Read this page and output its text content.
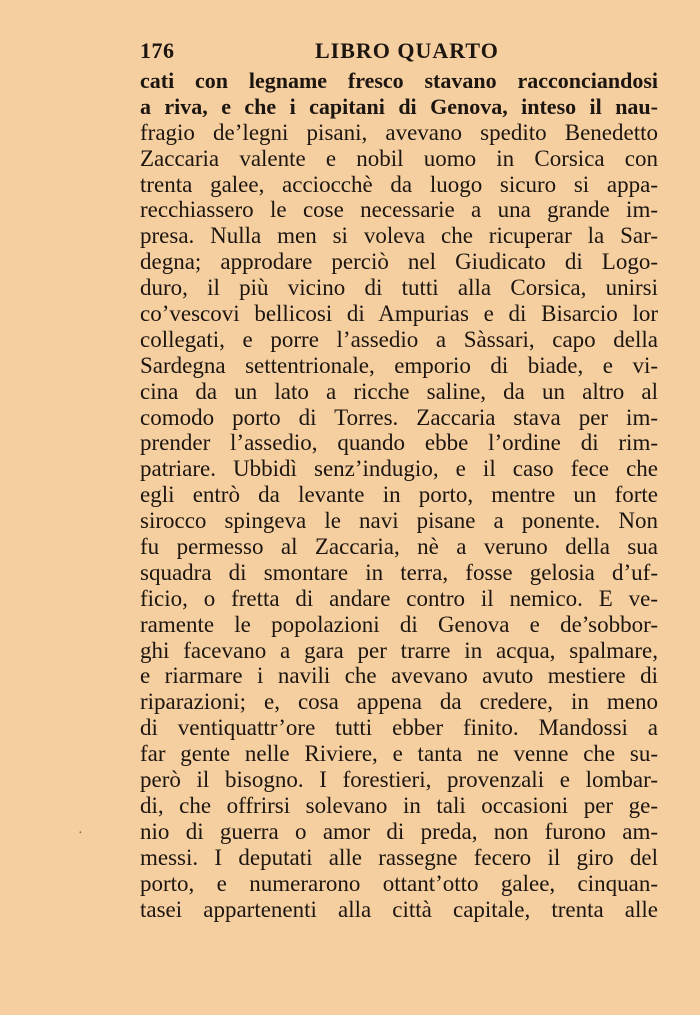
176	LIBRO QUARTO
cati con legname fresco stavano racconciandosi
a riva, e che i capitani di Genova, inteso il nau-
fragio de’legni pisani, avevano spedito Benedetto
Zaccaria valente e nobil uomo in Corsica con
trenta galee, acciocchè da luogo sicuro si appa-
recchiassero le cose necessarie a una grande im-
presa. Nulla men si voleva che ricuperar la Sar-
degna; approdare perciò nel Giudicato di Logo-
duro, il più vicino di tutti alla Corsica, unirsi
co’vescovi bellicosi di Ampurias e di Bisarcio lor
collegati, e porre l’assedio a Sàssari, capo della
Sardegna settentrionale, emporio di biade, e vi-
cina da un lato a ricche saline, da un altro al
comodo porto di Torres. Zaccaria stava per im-
prender l’assedio, quando ebbe l’ordine di rim-
patriare. Ubbidì senz’indugio, e il caso fece che
egli entrò da levante in porto, mentre un forte
sirocco spingeva le navi pisane a ponente. Non
fu permesso al Zaccaria, nè a veruno della sua
squadra di smontare in terra, fosse gelosia d’uf-
ficio, o fretta di andare contro il nemico. E ve-
ramente le popolazioni di Genova e de’sobbor-
ghi facevano a gara per trarre in acqua, spalmare,
e riarmare i navili che avevano avuto mestiere di
riparazioni; e, cosa appena da credere, in meno
di ventiquattr’ore tutti ebber finito. Mandossi a
far gente nelle Riviere, e tanta ne venne che su-
però il bisogno. I forestieri, provenzali e lombar-
di, che offrirsi solevano in tali occasioni per ge-
nio di guerra o amor di preda, non furono am-
messi. I deputati alle rassegne fecero il giro del
porto, e numerarono ottant’otto galee, cinquan-
tasei appartenenti alla città capitale, trenta alle
·
